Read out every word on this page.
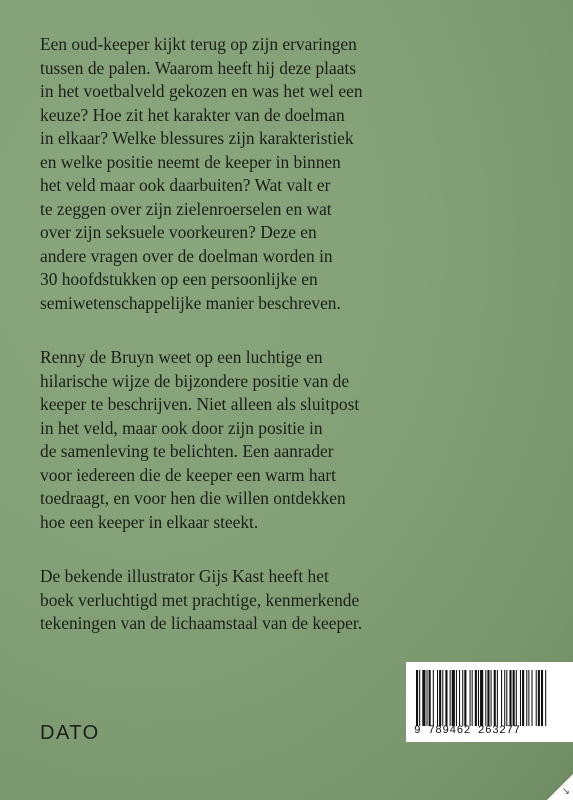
Een oud-keeper kijkt terug op zijn ervaringen
tussen de palen. Waarom heeft hij deze plaats
in het voetbalveld gekozen en was het wel een
keuze? Hoe zit het karakter van de doelman
in elkaar? Welke blessures zijn karakteristiek
en welke positie neemt de keeper in binnen
het veld maar ook daarbuiten? Wat valt er
te zeggen over zijn zielenroerselen en wat
over zijn seksuele voorkeuren? Deze en
andere vragen over de doelman worden in
30 hoofdstukken op een persoonlijke en
semiwetenschappelijke manier beschreven.

Renny de Bruyn weet op een luchtige en
hilarische wijze de bijzondere positie van de
keeper te beschrijven. Niet alleen als sluitpost
in het veld, maar ook door zijn positie in
de samenleving te belichten. Een aanrader
voor iedereen die de keeper een warm hart
toedraagt, en voor hen die willen ontdekken
hoe een keeper in elkaar steekt.

De bekende illustrator Gijs Kast heeft het
boek verluchtigd met prachtige, kenmerkende
tekeningen van de lichaamstaal van de keeper.

DATO	9 789462 263277
↘
